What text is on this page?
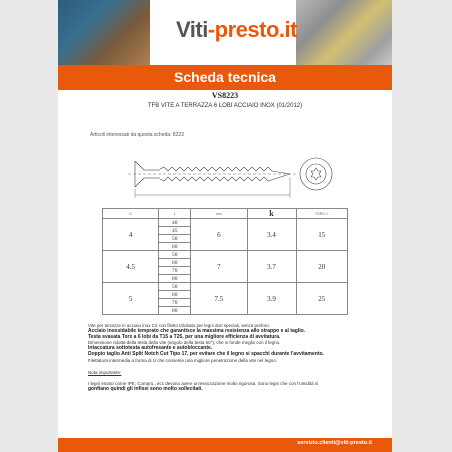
Viti-presto.it
Scheda tecnica
VS8223
TFB VITE A TERRAZZA 6 LOBI ACCIAIO INOX (01/2012)
Articoli interessati da questa scheda: 8223
Vite per terrazze in acciaio inox C2 con filetto trilobato per legni duri speciali, senza preforo.
Acciaio inossidabile temprato che garantisce la massima resistenza allo strappo e al taglio.
Testa svasata Torx a 6 lobi da T15 a T25, per una migliore efficienza di avvitatura.
Dimensione ridotta della testa della vite (angolo della testa 60°), che si fonde meglio con il legno.
Intaccatura sottotesta autofresante e autobloccante.
Doppio taglio Anti Split Notch Cut Tipo 17, per evitare che il legno si spacchi durante l'avvitamento.
Filettatura intermedia a forma di U che consente una migliore penetrazione della vite nel legno.
Nota importante:
I legni esotici come IPE, Cumaru.. ecc devono avere un'essiccazione molto rigorosa. Sono legni che con l'umidità si
gonfiano quindi gli infissi sono molto sollecitati.
servizio.clienti@viti-presto.it
D	L	mm	k	TORX n.
4	40	6	3.4	15
	45			
	50			
	60			
4.5	50	7	3.7	20
	60			
	70			
	80			
5	50	7.5	3.9	25
	60			
	70			
	80			
